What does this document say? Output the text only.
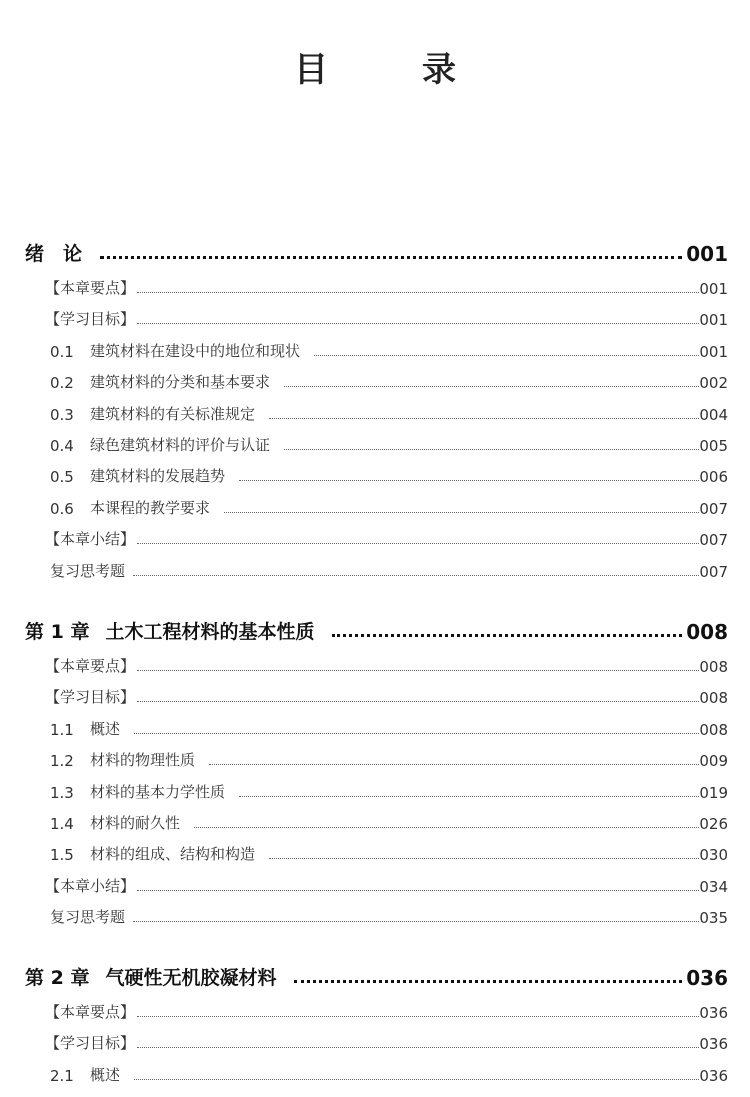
目　录
绪　论	001
【本章要点】	001
【学习目标】	001
0.1	建筑材料在建设中的地位和现状	001
0.2	建筑材料的分类和基本要求	002
0.3	建筑材料的有关标准规定	004
0.4	绿色建筑材料的评价与认证	005
0.5	建筑材料的发展趋势	006
0.6	本课程的教学要求	007
【本章小结】	007
复习思考题	007
第 1 章 土木工程材料的基本性质	008
【本章要点】	008
【学习目标】	008
1.1	概述	008
1.2	材料的物理性质	009
1.3	材料的基本力学性质	019
1.4	材料的耐久性	026
1.5	材料的组成、结构和构造	030
【本章小结】	034
复习思考题	035
第 2 章 气硬性无机胶凝材料	036
【本章要点】	036
【学习目标】	036
2.1	概述	036
